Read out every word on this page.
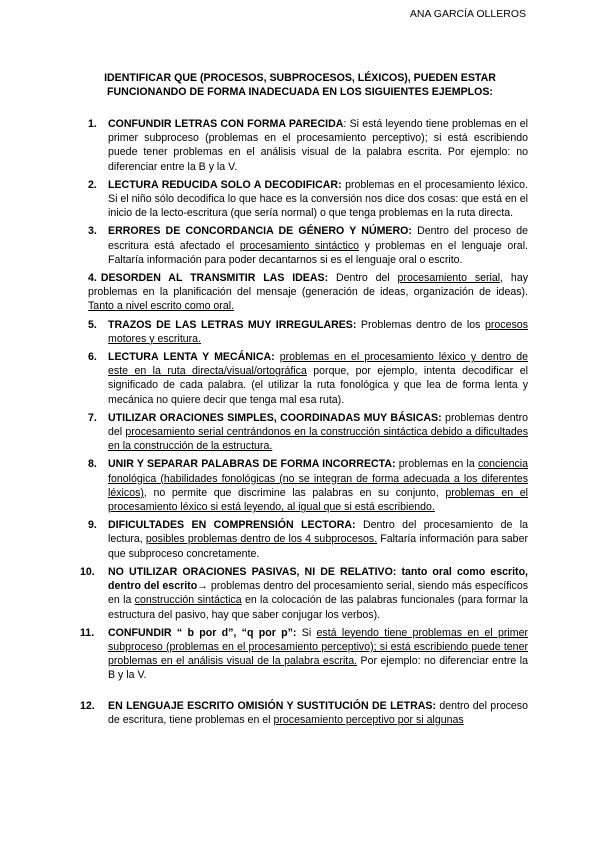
ANA GARCÍA OLLEROS
IDENTIFICAR QUE (PROCESOS, SUBPROCESOS, LÉXICOS), PUEDEN ESTAR FUNCIONANDO DE FORMA INADECUADA EN LOS SIGUIENTES EJEMPLOS:
1. CONFUNDIR LETRAS CON FORMA PARECIDA: Si está leyendo tiene problemas en el primer subproceso (problemas en el procesamiento perceptivo); si está escribiendo puede tener problemas en el análisis visual de la palabra escrita. Por ejemplo: no diferenciar entre la B y la V.
2. LECTURA REDUCIDA SOLO A DECODIFICAR: problemas en el procesamiento léxico. Si el niño sólo decodifica lo que hace es la conversión nos dice dos cosas: que está en el inicio de la lecto-escritura (que sería normal) o que tenga problemas en la ruta directa.
3. ERRORES DE CONCORDANCIA DE GÉNERO Y NÚMERO: Dentro del proceso de escritura está afectado el procesamiento sintáctico y problemas en el lenguaje oral. Faltaría información para poder decantarnos si es el lenguaje oral o escrito.
4. DESORDEN AL TRANSMITIR LAS IDEAS: Dentro del procesamiento serial, hay problemas en la planificación del mensaje (generación de ideas, organización de ideas). Tanto a nivel escrito como oral.
5. TRAZOS DE LAS LETRAS MUY IRREGULARES: Problemas dentro de los procesos motores y escritura.
6. LECTURA LENTA Y MECÁNICA: problemas en el procesamiento léxico y dentro de este en la ruta directa/visual/ortográfica porque, por ejemplo, intenta decodificar el significado de cada palabra. (el utilizar la ruta fonológica y que lea de forma lenta y mecánica no quiere decir que tenga mal esa ruta).
7. UTILIZAR ORACIONES SIMPLES, COORDINADAS MUY BÁSICAS: problemas dentro del procesamiento serial centrándonos en la construcción sintáctica debido a dificultades en la construcción de la estructura.
8. UNIR Y SEPARAR PALABRAS DE FORMA INCORRECTA: problemas en la conciencia fonológica (habilidades fonológicas (no se integran de forma adecuada a los diferentes léxicos), no permite que discrimine las palabras en su conjunto, problemas en el procesamiento léxico si está leyendo, al igual que si está escribiendo.
9. DIFICULTADES EN COMPRENSIÓN LECTORA: Dentro del procesamiento de la lectura, posibles problemas dentro de los 4 subprocesos. Faltaría información para saber que subproceso concretamente.
10. NO UTILIZAR ORACIONES PASIVAS, NI DE RELATIVO: tanto oral como escrito, dentro del escrito→ problemas dentro del procesamiento serial, siendo más específicos en la construcción sintáctica en la colocación de las palabras funcionales (para formar la estructura del pasivo, hay que saber conjugar los verbos).
11. CONFUNDIR “ b por d”, “q por p”: Si está leyendo tiene problemas en el primer subproceso (problemas en el procesamiento perceptivo); si está escribiendo puede tener problemas en el análisis visual de la palabra escrita. Por ejemplo: no diferenciar entre la B y la V.
12. EN LENGUAJE ESCRITO OMISIÓN Y SUSTITUCIÓN DE LETRAS: dentro del proceso de escritura, tiene problemas en el procesamiento perceptivo por si algunas
